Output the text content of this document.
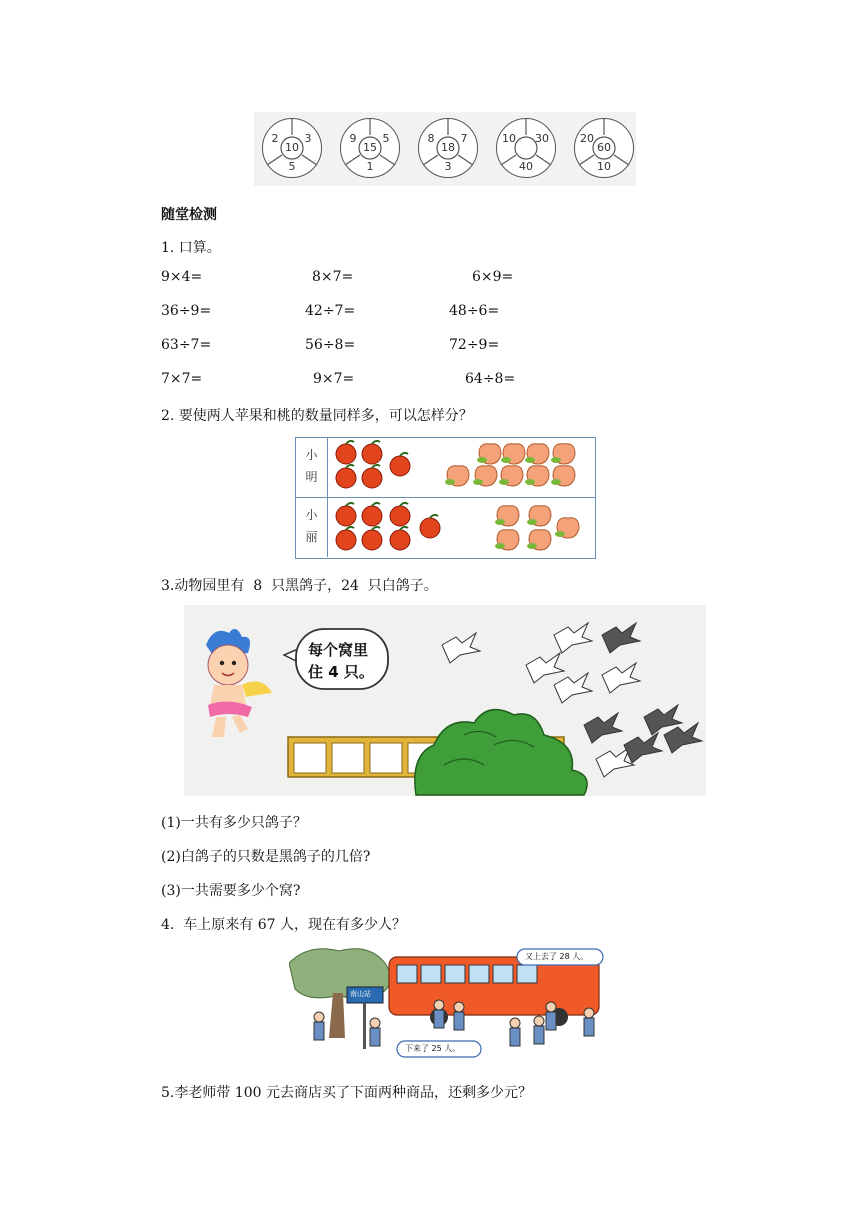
2	3
10
5
9	5
15
1
8	7
18
3
10	30
40
20
60
10
随堂检测
1. 口算。
9×4=	8×7=	6×9=
36÷9=	42÷7=	48÷6=
63÷7=	56÷8=	72÷9=
7×7=	9×7=	64÷8=
2. 要使两人苹果和桃的数量同样多，可以怎样分？
小
明
小
丽
3.动物园里有  8  只黑鸽子，24  只白鸽子。
每个窝里
住 4 只。
(1)一共有多少只鸽子？
(2)白鸽子的只数是黑鸽子的几倍?
(3)一共需要多少个窝?
4.  车上原来有 67 人，现在有多少人？
又上去了 28 人。
下来了 25 人。
南山站
5.李老师带 100 元去商店买了下面两种商品，还剩多少元？
